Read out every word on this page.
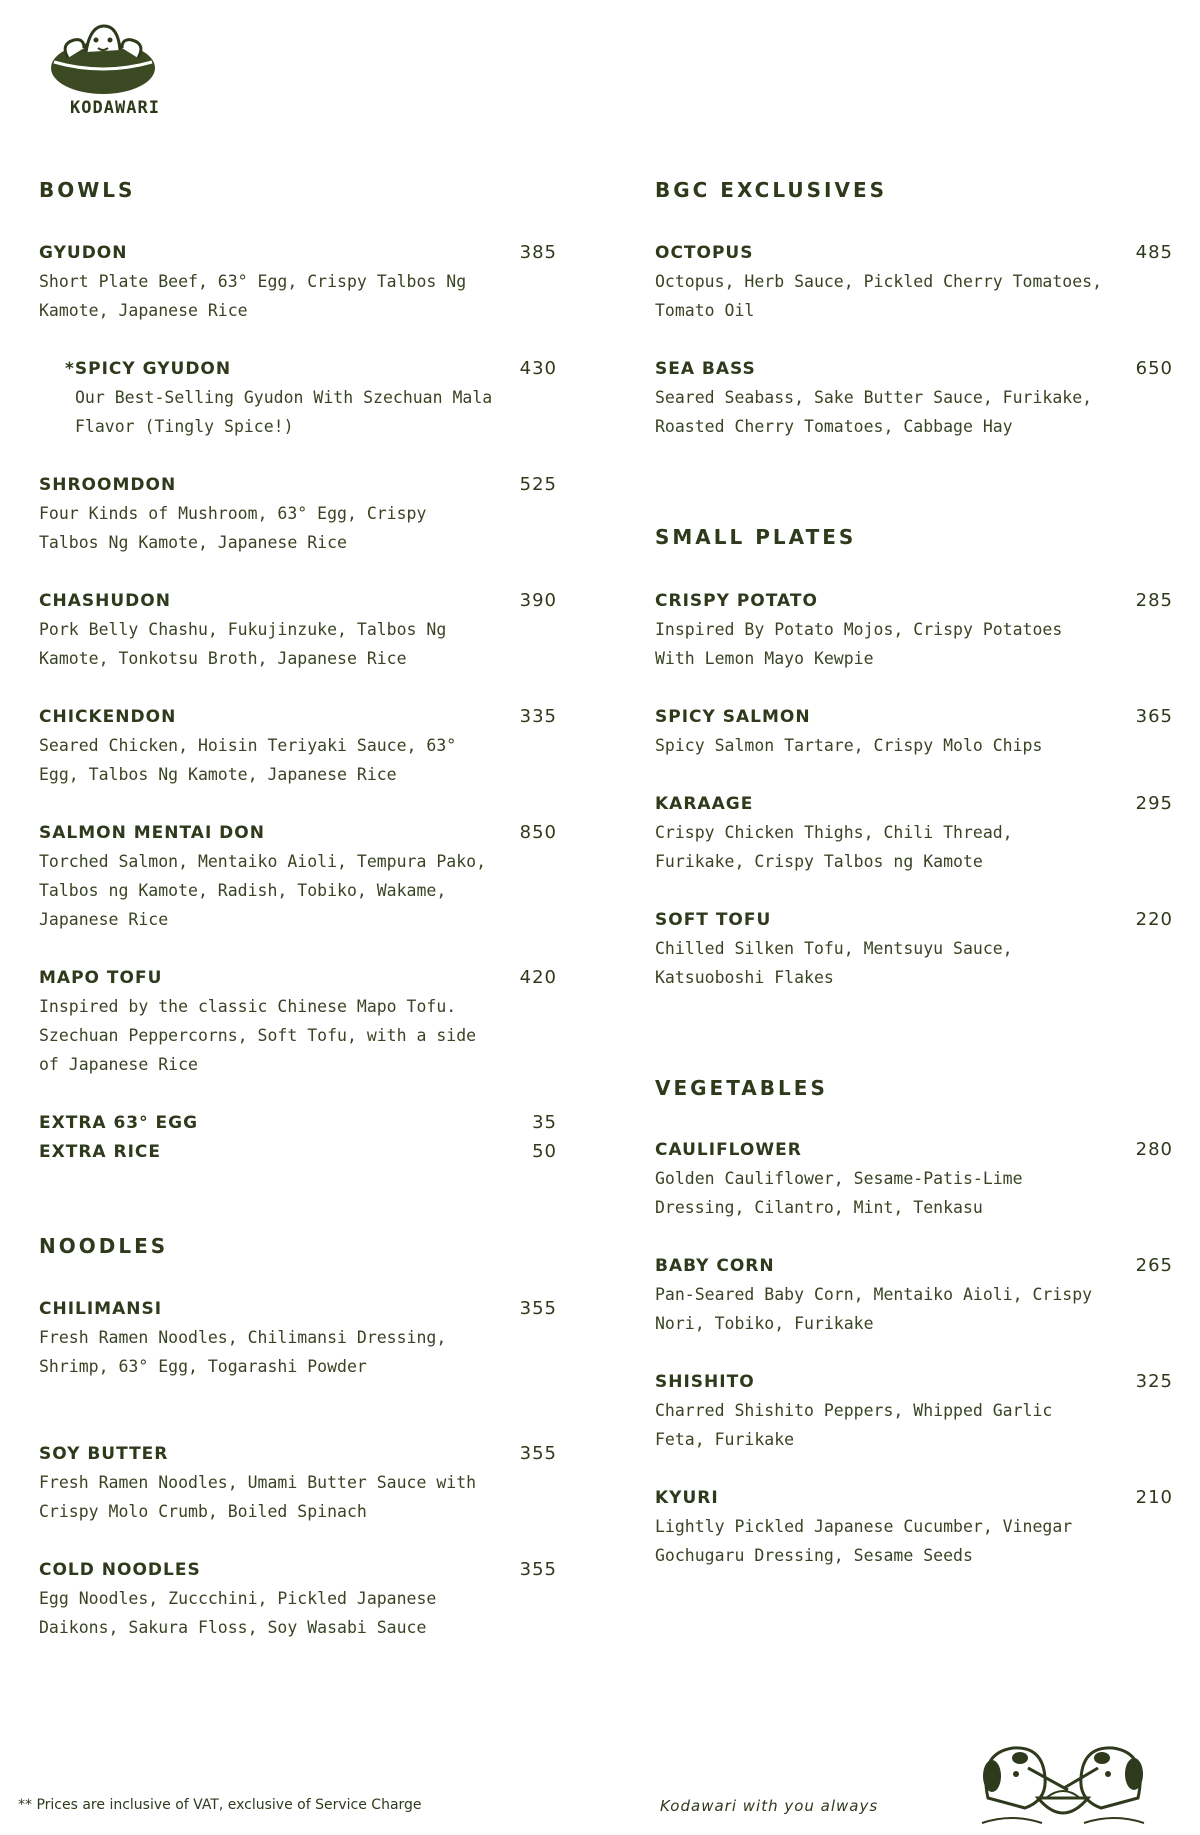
KODAWARI
BOWLS
GYUDON	385
Short Plate Beef, 63° Egg, Crispy Talbos Ng Kamote, Japanese Rice
*SPICY GYUDON	430
Our Best-Selling Gyudon With Szechuan Mala Flavor (Tingly Spice!)
SHROOMDON	525
Four Kinds of Mushroom, 63° Egg, Crispy Talbos Ng Kamote, Japanese Rice
CHASHUDON	390
Pork Belly Chashu, Fukujinzuke, Talbos Ng Kamote, Tonkotsu Broth, Japanese Rice
CHICKENDON	335
Seared Chicken, Hoisin Teriyaki Sauce, 63° Egg, Talbos Ng Kamote, Japanese Rice
SALMON MENTAI DON	850
Torched Salmon, Mentaiko Aioli, Tempura Pako, Talbos ng Kamote, Radish, Tobiko, Wakame, Japanese Rice
MAPO TOFU	420
Inspired by the classic Chinese Mapo Tofu. Szechuan Peppercorns, Soft Tofu, with a side of Japanese Rice
EXTRA 63° EGG	35
EXTRA RICE	50
NOODLES
CHILIMANSI	355
Fresh Ramen Noodles, Chilimansi Dressing, Shrimp, 63° Egg, Togarashi Powder
SOY BUTTER	355
Fresh Ramen Noodles, Umami Butter Sauce with Crispy Molo Crumb, Boiled Spinach
COLD NOODLES	355
Egg Noodles, Zuccchini, Pickled Japanese Daikons, Sakura Floss, Soy Wasabi Sauce
BGC EXCLUSIVES
OCTOPUS	485
Octopus, Herb Sauce, Pickled Cherry Tomatoes, Tomato Oil
SEA BASS	650
Seared Seabass, Sake Butter Sauce, Furikake, Roasted Cherry Tomatoes, Cabbage Hay
SMALL PLATES
CRISPY POTATO	285
Inspired By Potato Mojos, Crispy Potatoes With Lemon Mayo Kewpie
SPICY SALMON	365
Spicy Salmon Tartare, Crispy Molo Chips
KARAAGE	295
Crispy Chicken Thighs, Chili Thread, Furikake, Crispy Talbos ng Kamote
SOFT TOFU	220
Chilled Silken Tofu, Mentsuyu Sauce, Katsuoboshi Flakes
VEGETABLES
CAULIFLOWER	280
Golden Cauliflower, Sesame-Patis-Lime Dressing, Cilantro, Mint, Tenkasu
BABY CORN	265
Pan-Seared Baby Corn, Mentaiko Aioli, Crispy Nori, Tobiko, Furikake
SHISHITO	325
Charred Shishito Peppers, Whipped Garlic Feta, Furikake
KYURI	210
Lightly Pickled Japanese Cucumber, Vinegar Gochugaru Dressing, Sesame Seeds
** Prices are inclusive of VAT, exclusive of Service Charge	Kodawari with you always
